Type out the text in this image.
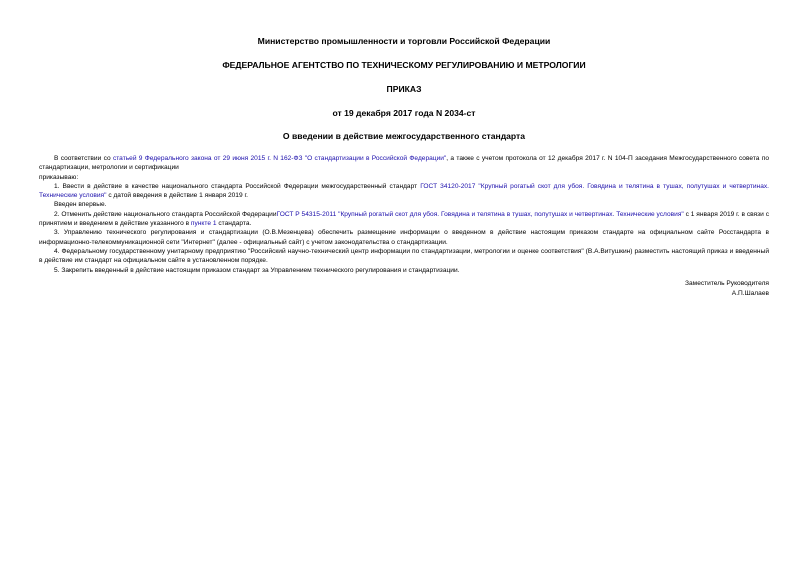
Министерство промышленности и торговли Российской Федерации
ФЕДЕРАЛЬНОЕ АГЕНТСТВО ПО ТЕХНИЧЕСКОМУ РЕГУЛИРОВАНИЮ И МЕТРОЛОГИИ
ПРИКАЗ
от 19 декабря 2017 года N 2034-ст
О введении в действие межгосударственного стандарта

В соответствии со статьей 9 Федерального закона от 29 июня 2015 г. N 162-ФЗ "О стандартизации в Российской Федерации", а также с учетом протокола от 12 декабря 2017 г. N 104-П заседания Межгосударственного совета по стандартизации, метрологии и сертификации

приказываю:

1. Ввести в действие в качестве национального стандарта Российской Федерации межгосударственный стандарт ГОСТ 34120-2017 "Крупный рогатый скот для убоя. Говядина и телятина в тушах, полутушах и четвертинах. Технические условия" с датой введения в действие 1 января 2019 г.

Введен впервые.

2. Отменить действие национального стандарта Российской ФедерацииГОСТ Р 54315-2011 "Крупный рогатый скот для убоя. Говядина и телятина в тушах, полутушах и четвертинах. Технические условия" с 1 января 2019 г. в связи с принятием и введением в действие указанного в пункте 1 стандарта.

3. Управлению технического регулирования и стандартизации (О.В.Мезенцева) обеспечить размещение информации о введенном в действие настоящим приказом стандарте на официальном сайте Росстандарта в информационно-телекоммуникационной сети "Интернет" (далее - официальный сайт) с учетом законодательства о стандартизации.

4. Федеральному государственному унитарному предприятию "Российский научно-технический центр информации по стандартизации, метрологии и оценке соответствия" (В.А.Витушкин) разместить настоящий приказ и введенный в действие им стандарт на официальном сайте в установленном порядке.

5. Закрепить введенный в действие настоящим приказом стандарт за Управлением технического регулирования и стандартизации.

Заместитель Руководителя
А.П.Шалаев
